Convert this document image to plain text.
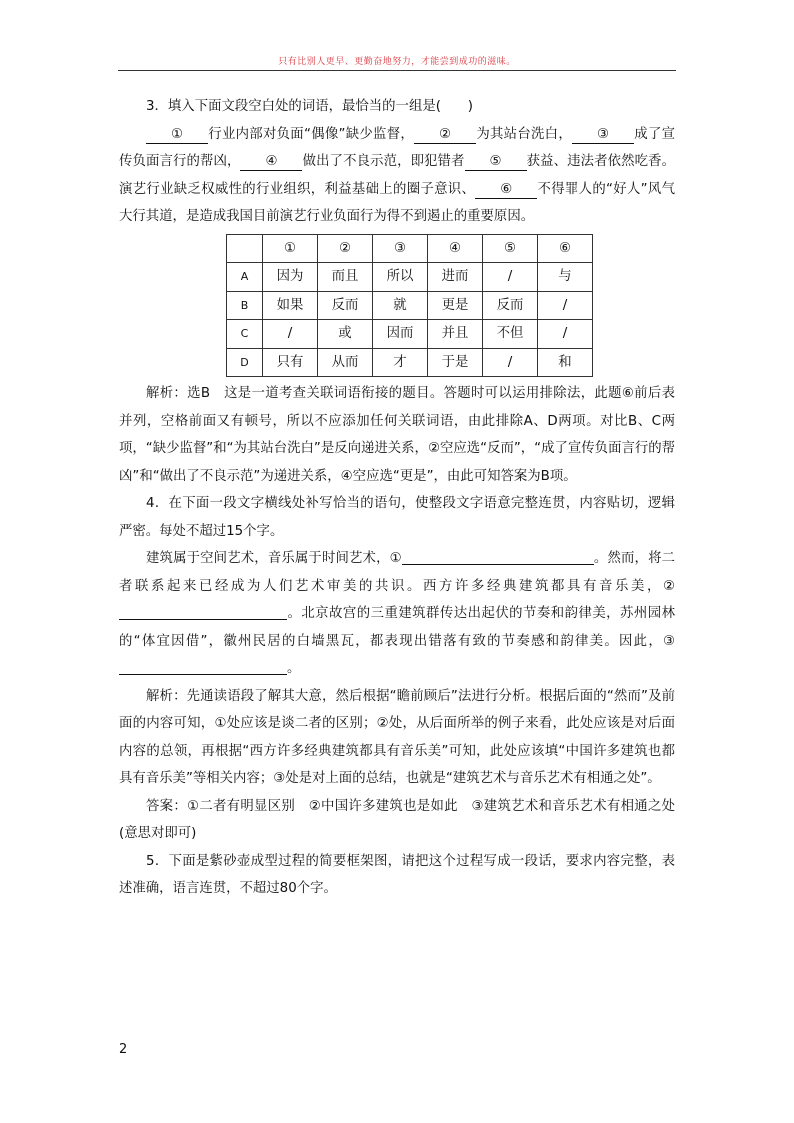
只有比别人更早、更勤奋地努力，才能尝到成功的滋味。

3．填入下面文段空白处的词语，最恰当的一组是(　　)

① 行业内部对负面“偶像”缺少监督， ② 为其站台洗白， ③ 成了宣传负面言行的帮凶， ④ 做出了不良示范，即犯错者 ⑤ 获益、违法者依然吃香。演艺行业缺乏权威性的行业组织，利益基础上的圈子意识、 ⑥ 不得罪人的“好人”风气大行其道，是造成我国目前演艺行业负面行为得不到遏止的重要原因。

	①	②	③	④	⑤	⑥
A	因为	而且	所以	进而	/	与
B	如果	反而	就	更是	反而	/
C	/	或	因而	并且	不但	/
D	只有	从而	才	于是	/	和

解析：选B　这是一道考查关联词语衔接的题目。答题时可以运用排除法，此题⑥前后表并列，空格前面又有顿号，所以不应添加任何关联词语，由此排除A、D两项。对比B、C两项，“缺少监督”和“为其站台洗白”是反向递进关系，②空应选“反而”，“成了宣传负面言行的帮凶”和“做出了不良示范”为递进关系，④空应选“更是”，由此可知答案为B项。

4．在下面一段文字横线处补写恰当的语句，使整段文字语意完整连贯，内容贴切，逻辑严密。每处不超过15个字。

建筑属于空间艺术，音乐属于时间艺术，①	。然而，将二者联系起来已经成为人们艺术审美的共识。西方许多经典建筑都具有音乐美，②。北京故宫的三重建筑群传达出起伏的节奏和韵律美，苏州园林的“体宜因借”，徽州民居的白墙黑瓦，都表现出错落有致的节奏感和韵律美。因此，③。

解析：先通读语段了解其大意，然后根据“瞻前顾后”法进行分析。根据后面的“然而”及前面的内容可知，①处应该是谈二者的区别；②处，从后面所举的例子来看，此处应该是对后面内容的总领，再根据“西方许多经典建筑都具有音乐美”可知，此处应该填“中国许多建筑也都具有音乐美”等相关内容；③处是对上面的总结，也就是“建筑艺术与音乐艺术有相通之处”。

答案：①二者有明显区别　②中国许多建筑也是如此　③建筑艺术和音乐艺术有相通之处(意思对即可)

5．下面是紫砂壶成型过程的简要框架图，请把这个过程写成一段话，要求内容完整，表述准确，语言连贯，不超过80个字。

2
